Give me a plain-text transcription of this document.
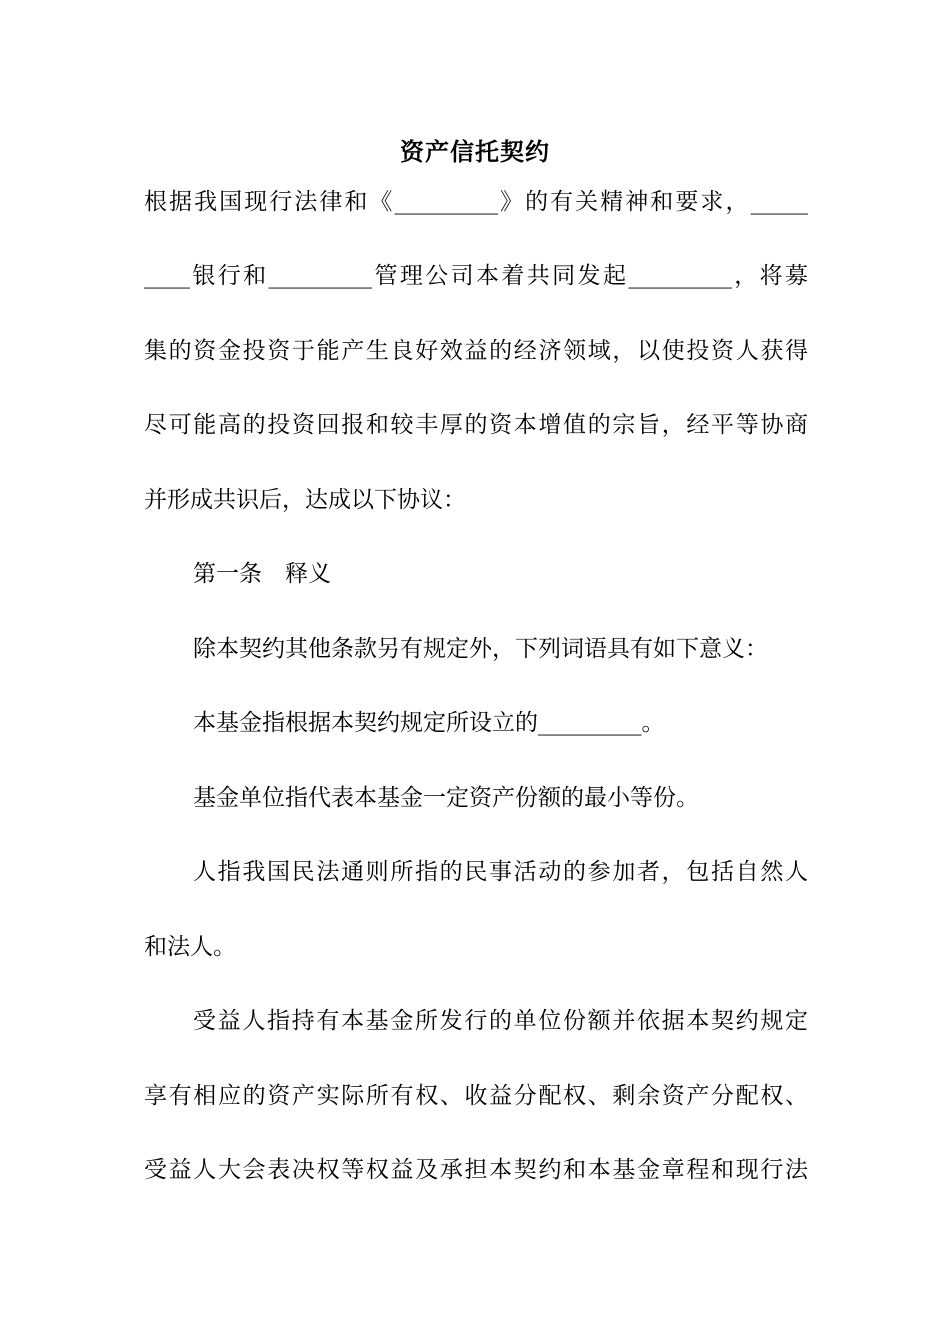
资产信托契约
根据我国现行法律和《_________》的有关精神和要求，_____
____银行和_________管理公司本着共同发起_________，将募
集的资金投资于能产生良好效益的经济领域，以使投资人获得
尽可能高的投资回报和较丰厚的资本增值的宗旨，经平等协商
并形成共识后，达成以下协议：
第一条　释义
除本契约其他条款另有规定外，下列词语具有如下意义：
本基金指根据本契约规定所设立的_________。
基金单位指代表本基金一定资产份额的最小等份。
人指我国民法通则所指的民事活动的参加者，包括自然人
和法人。
受益人指持有本基金所发行的单位份额并依据本契约规定
享有相应的资产实际所有权、收益分配权、剩余资产分配权、
受益人大会表决权等权益及承担本契约和本基金章程和现行法
